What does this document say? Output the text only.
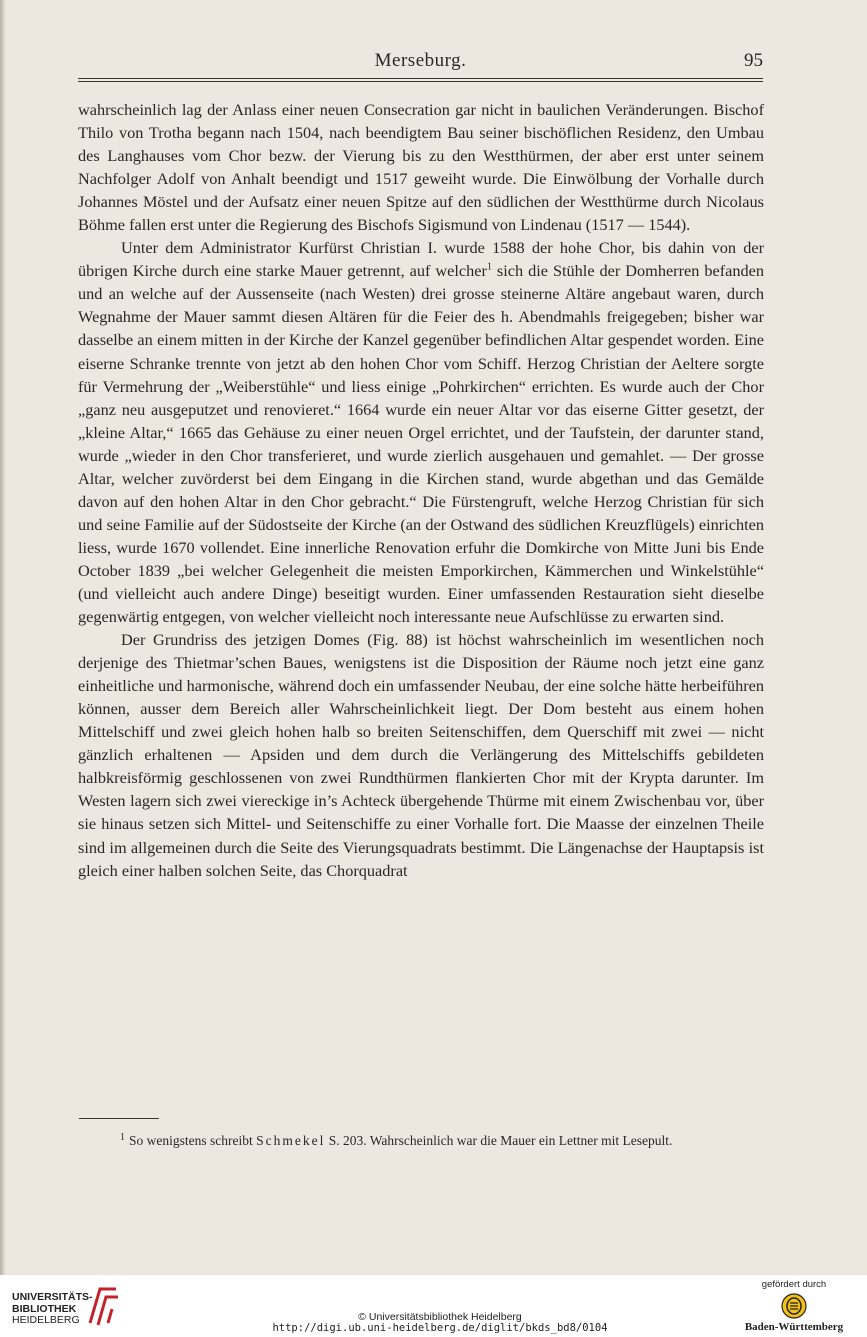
Merseburg.	95

wahrscheinlich lag der Anlass einer neuen Consecration gar nicht in baulichen Veränderungen. Bischof Thilo von Trotha begann nach 1504, nach beendigtem Bau seiner bischöflichen Residenz, den Umbau des Langhauses vom Chor bezw. der Vierung bis zu den Westthürmen, der aber erst unter seinem Nachfolger Adolf von Anhalt beendigt und 1517 geweiht wurde. Die Einwölbung der Vorhalle durch Johannes Möstel und der Aufsatz einer neuen Spitze auf den südlichen der Westthürme durch Nicolaus Böhme fallen erst unter die Regierung des Bischofs Sigismund von Lindenau (1517 — 1544).

Unter dem Administrator Kurfürst Christian I. wurde 1588 der hohe Chor, bis dahin von der übrigen Kirche durch eine starke Mauer getrennt, auf welcher$^1$ sich die Stühle der Domherren befanden und an welche auf der Aussenseite (nach Westen) drei grosse steinerne Altäre angebaut waren, durch Wegnahme der Mauer sammt diesen Altären für die Feier des h. Abendmahls freigegeben; bisher war dasselbe an einem mitten in der Kirche der Kanzel gegenüber befindlichen Altar gespendet worden. Eine eiserne Schranke trennte von jetzt ab den hohen Chor vom Schiff. Herzog Christian der Aeltere sorgte für Vermehrung der „Weiberstühle“ und liess einige „Pohrkirchen“ errichten. Es wurde auch der Chor „ganz neu ausgeputzet und renovieret.“ 1664 wurde ein neuer Altar vor das eiserne Gitter gesetzt, der „kleine Altar,“ 1665 das Gehäuse zu einer neuen Orgel errichtet, und der Taufstein, der darunter stand, wurde „wieder in den Chor transferieret, und wurde zierlich ausgehauen und gemahlet. — Der grosse Altar, welcher zuvörderst bei dem Eingang in die Kirchen stand, wurde abgethan und das Gemälde davon auf den hohen Altar in den Chor gebracht.“ Die Fürstengruft, welche Herzog Christian für sich und seine Familie auf der Südostseite der Kirche (an der Ostwand des südlichen Kreuzflügels) einrichten liess, wurde 1670 vollendet. Eine innerliche Renovation erfuhr die Domkirche von Mitte Juni bis Ende October 1839 „bei welcher Gelegenheit die meisten Emporkirchen, Kämmerchen und Winkelstühle“ (und vielleicht auch andere Dinge) beseitigt wurden. Einer umfassenden Restauration sieht dieselbe gegenwärtig entgegen, von welcher vielleicht noch interessante neue Aufschlüsse zu erwarten sind.

Der Grundriss des jetzigen Domes (Fig. 88) ist höchst wahrscheinlich im wesentlichen noch derjenige des Thietmar’schen Baues, wenigstens ist die Disposition der Räume noch jetzt eine ganz einheitliche und harmonische, während doch ein umfassender Neubau, der eine solche hätte herbeiführen können, ausser dem Bereich aller Wahrscheinlichkeit liegt. Der Dom besteht aus einem hohen Mittelschiff und zwei gleich hohen halb so breiten Seitenschiffen, dem Querschiff mit zwei — nicht gänzlich erhaltenen — Apsiden und dem durch die Verlängerung des Mittelschiffs gebildeten halbkreisförmig geschlossenen von zwei Rundthürmen flankierten Chor mit der Krypta darunter. Im Westen lagern sich zwei viereckige in’s Achteck übergehende Thürme mit einem Zwischenbau vor, über sie hinaus setzen sich Mittel- und Seitenschiffe zu einer Vorhalle fort. Die Maasse der einzelnen Theile sind im allgemeinen durch die Seite des Vierungsquadrats bestimmt. Die Längenachse der Hauptapsis ist gleich einer halben solchen Seite, das Chorquadrat

$^1$ So wenigstens schreibt Schmekel S. 203. Wahrscheinlich war die Mauer ein Lettner mit Lesepult.
UNIVERSITÄTS-
BIBLIOTHEK
HEIDELBERG	© Universitätsbibliothek Heidelberg
http://digi.ub.uni-heidelberg.de/diglit/bkds_bd8/0104
gefördert durch
Baden-Württemberg
